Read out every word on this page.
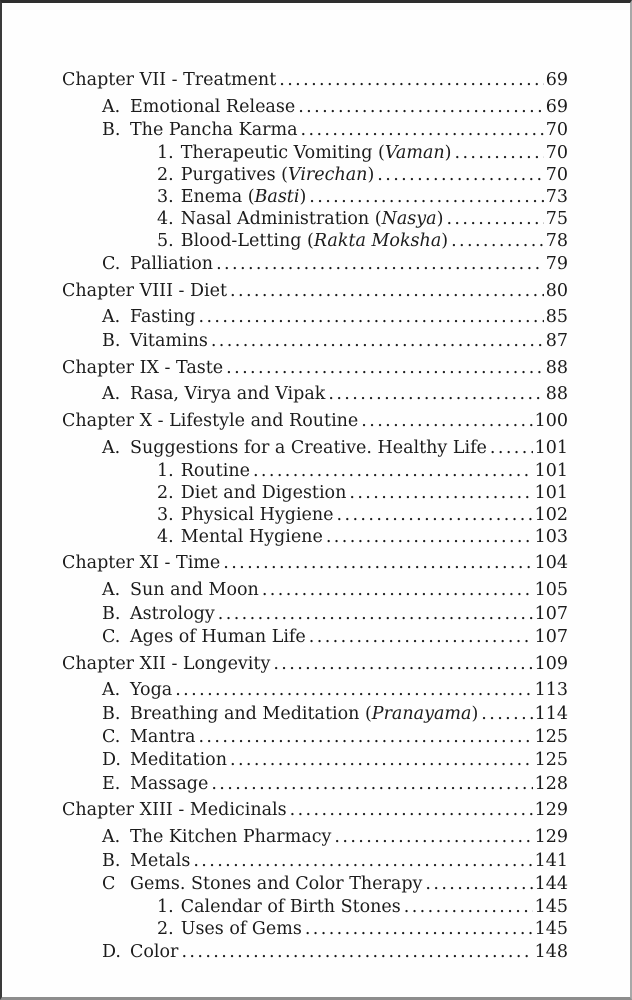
Chapter VII - Treatment .....	69
A. Emotional Release .....	69
B. The Pancha Karma .....	70
1. Therapeutic Vomiting (Vaman) .....	70
2. Purgatives (Virechan) .....	70
3. Enema (Basti) .....	73
4. Nasal Administration (Nasya) .....	75
5. Blood-Letting (Rakta Moksha) .....	78
C. Palliation .....	79
Chapter VIII - Diet .....	80
A. Fasting .....	85
B. Vitamins .....	87
Chapter IX - Taste .....	88
A. Rasa, Virya and Vipak .....	88
Chapter X - Lifestyle and Routine .....	100
A. Suggestions for a Creative. Healthy Life .....	101
1. Routine .....	101
2. Diet and Digestion .....	101
3. Physical Hygiene .....	102
4. Mental Hygiene .....	103
Chapter XI - Time .....	104
A. Sun and Moon .....	105
B. Astrology .....	107
C. Ages of Human Life .....	107
Chapter XII - Longevity .....	109
A. Yoga .....	113
B. Breathing and Meditation (Pranayama) .....	114
C. Mantra .....	125
D. Meditation .....	125
E. Massage .....	128
Chapter XIII - Medicinals .....	129
A. The Kitchen Pharmacy .....	129
B. Metals .....	141
C Gems. Stones and Color Therapy .....	144
1. Calendar of Birth Stones .....	145
2. Uses of Gems .....	145
D. Color .....	148
